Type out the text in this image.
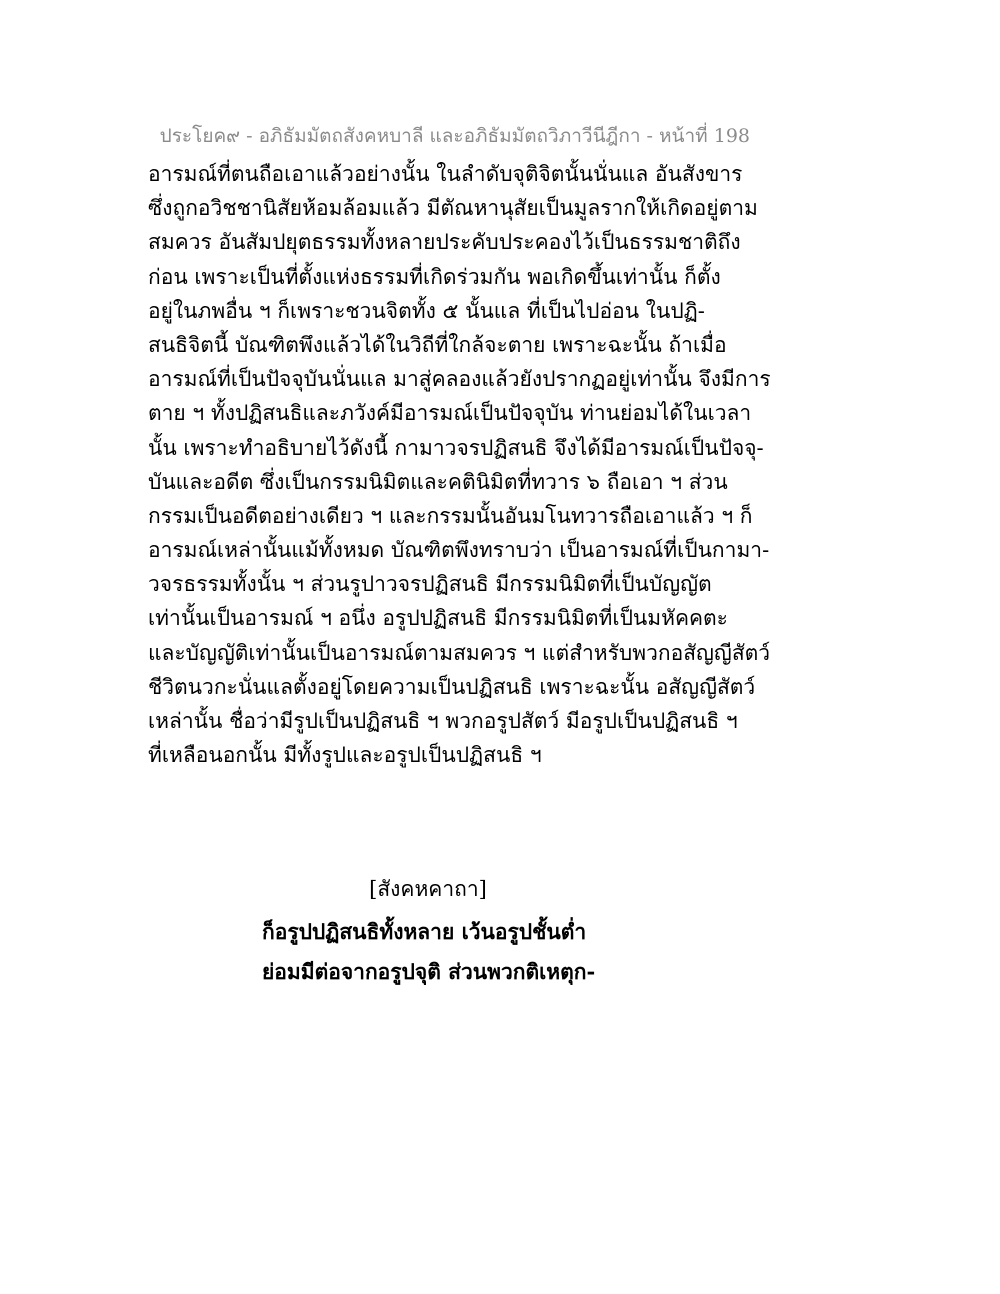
ประโยค๙ - อภิธัมมัตถสังคหบาลี และอภิธัมมัตถวิภาวีนีฎีกา - หน้าที่ 198
อารมณ์ที่ตนถือเอาแล้วอย่างนั้น ในลำดับจุติจิตนั้นนั่นแล อันสังขาร
ซึ่งถูกอวิชชานิสัยห้อมล้อมแล้ว มีตัณหานุสัยเป็นมูลรากให้เกิดอยู่ตาม
สมควร อันสัมปยุตธรรมทั้งหลายประคับประคองไว้เป็นธรรมชาติถึง
ก่อน เพราะเป็นที่ตั้งแห่งธรรมที่เกิดร่วมกัน พอเกิดขึ้นเท่านั้น ก็ตั้ง
อยู่ในภพอื่น ฯ ก็เพราะชวนจิตทั้ง ๕ นั้นแล ที่เป็นไปอ่อน ในปฏิ-
สนธิจิตนี้ บัณฑิตพึงแล้วได้ในวิถีที่ใกล้จะตาย เพราะฉะนั้น ถ้าเมื่อ
อารมณ์ที่เป็นปัจจุบันนั่นแล มาสู่คลองแล้วยังปรากฏอยู่เท่านั้น จึงมีการ
ตาย ฯ ทั้งปฏิสนธิและภวังค์มีอารมณ์เป็นปัจจุบัน ท่านย่อมได้ในเวลา
นั้น เพราะทำอธิบายไว้ดังนี้ กามาวจรปฏิสนธิ จึงได้มีอารมณ์เป็นปัจจุ-
บันและอดีต ซึ่งเป็นกรรมนิมิตและคตินิมิตที่ทวาร ๖ ถือเอา ฯ ส่วน
กรรมเป็นอดีตอย่างเดียว ฯ และกรรมนั้นอันมโนทวารถือเอาแล้ว ฯ ก็
อารมณ์เหล่านั้นแม้ทั้งหมด บัณฑิตพึงทราบว่า เป็นอารมณ์ที่เป็นกามา-
วจรธรรมทั้งนั้น ฯ ส่วนรูปาวจรปฏิสนธิ มีกรรมนิมิตที่เป็นบัญญัต
เท่านั้นเป็นอารมณ์ ฯ อนึ่ง อรูปปฏิสนธิ มีกรรมนิมิตที่เป็นมหัคคตะ
และบัญญัติเท่านั้นเป็นอารมณ์ตามสมควร ฯ แต่สำหรับพวกอสัญญีสัตว์
ชีวิตนวกะนั่นแลตั้งอยู่โดยความเป็นปฏิสนธิ เพราะฉะนั้น อสัญญีสัตว์
เหล่านั้น ชื่อว่ามีรูปเป็นปฏิสนธิ ฯ พวกอรูปสัตว์ มีอรูปเป็นปฏิสนธิ ฯ
ที่เหลือนอกนั้น มีทั้งรูปและอรูปเป็นปฏิสนธิ ฯ
[สังคหคาถา]
ก็อรูปปฏิสนธิทั้งหลาย เว้นอรูปชั้นต่ำ
ย่อมมีต่อจากอรูปจุติ ส่วนพวกติเหตุก-
